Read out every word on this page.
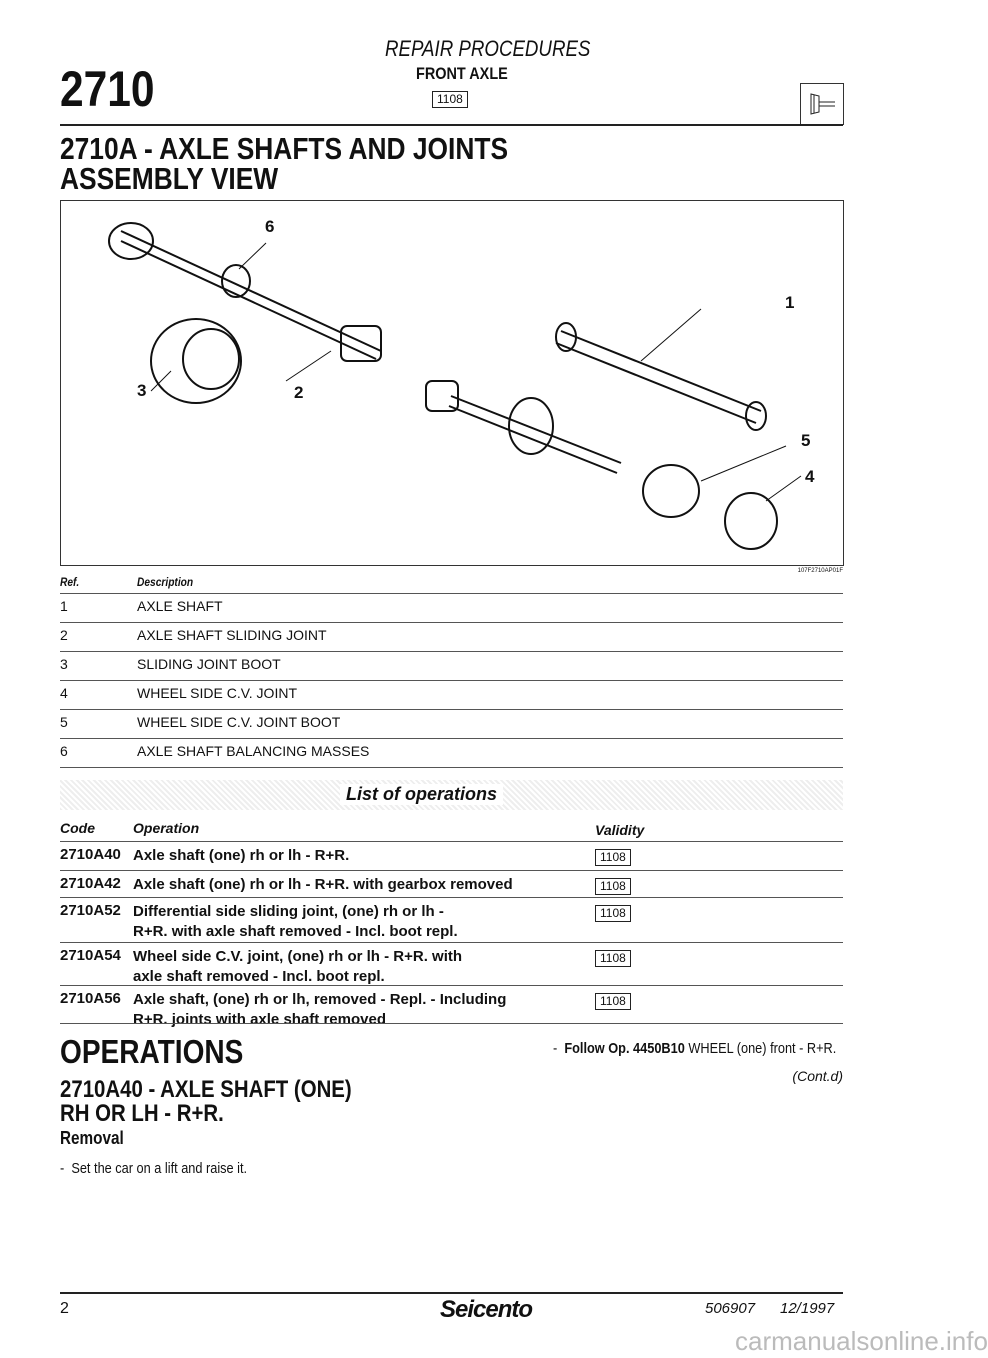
REPAIR PROCEDURES
FRONT AXLE
1108
2710
2710A - AXLE SHAFTS AND JOINTS
ASSEMBLY VIEW
1
2
3
4
5
6
107F2710AP01F
Ref.	Description
1	AXLE SHAFT
2	AXLE SHAFT SLIDING JOINT
3	SLIDING JOINT BOOT
4	WHEEL SIDE C.V. JOINT
5	WHEEL SIDE C.V. JOINT BOOT
6	AXLE SHAFT BALANCING MASSES
List of operations
Code	Operation	Validity
2710A40 Axle shaft (one) rh or lh - R+R.	1108
2710A42 Axle shaft (one) rh or lh - R+R. with gearbox removed	1108
2710A52 Differential side sliding joint, (one) rh or lh -
R+R. with axle shaft removed - Incl. boot repl.
1108
2710A54 Wheel side C.V. joint, (one) rh or lh - R+R. with
axle shaft removed - Incl. boot repl.
1108
2710A56 Axle shaft, (one) rh or lh, removed - Repl. - Including
R+R. joints with axle shaft removed
1108
OPERATIONS
2710A40 - AXLE SHAFT (ONE)
RH OR LH - R+R.
Removal
-  Set the car on a lift and raise it.
-  Follow Op. 4450B10 WHEEL (one) front - R+R.
(Cont.d)
2	Seicento	506907 12/1997
carmanualsonline.info
